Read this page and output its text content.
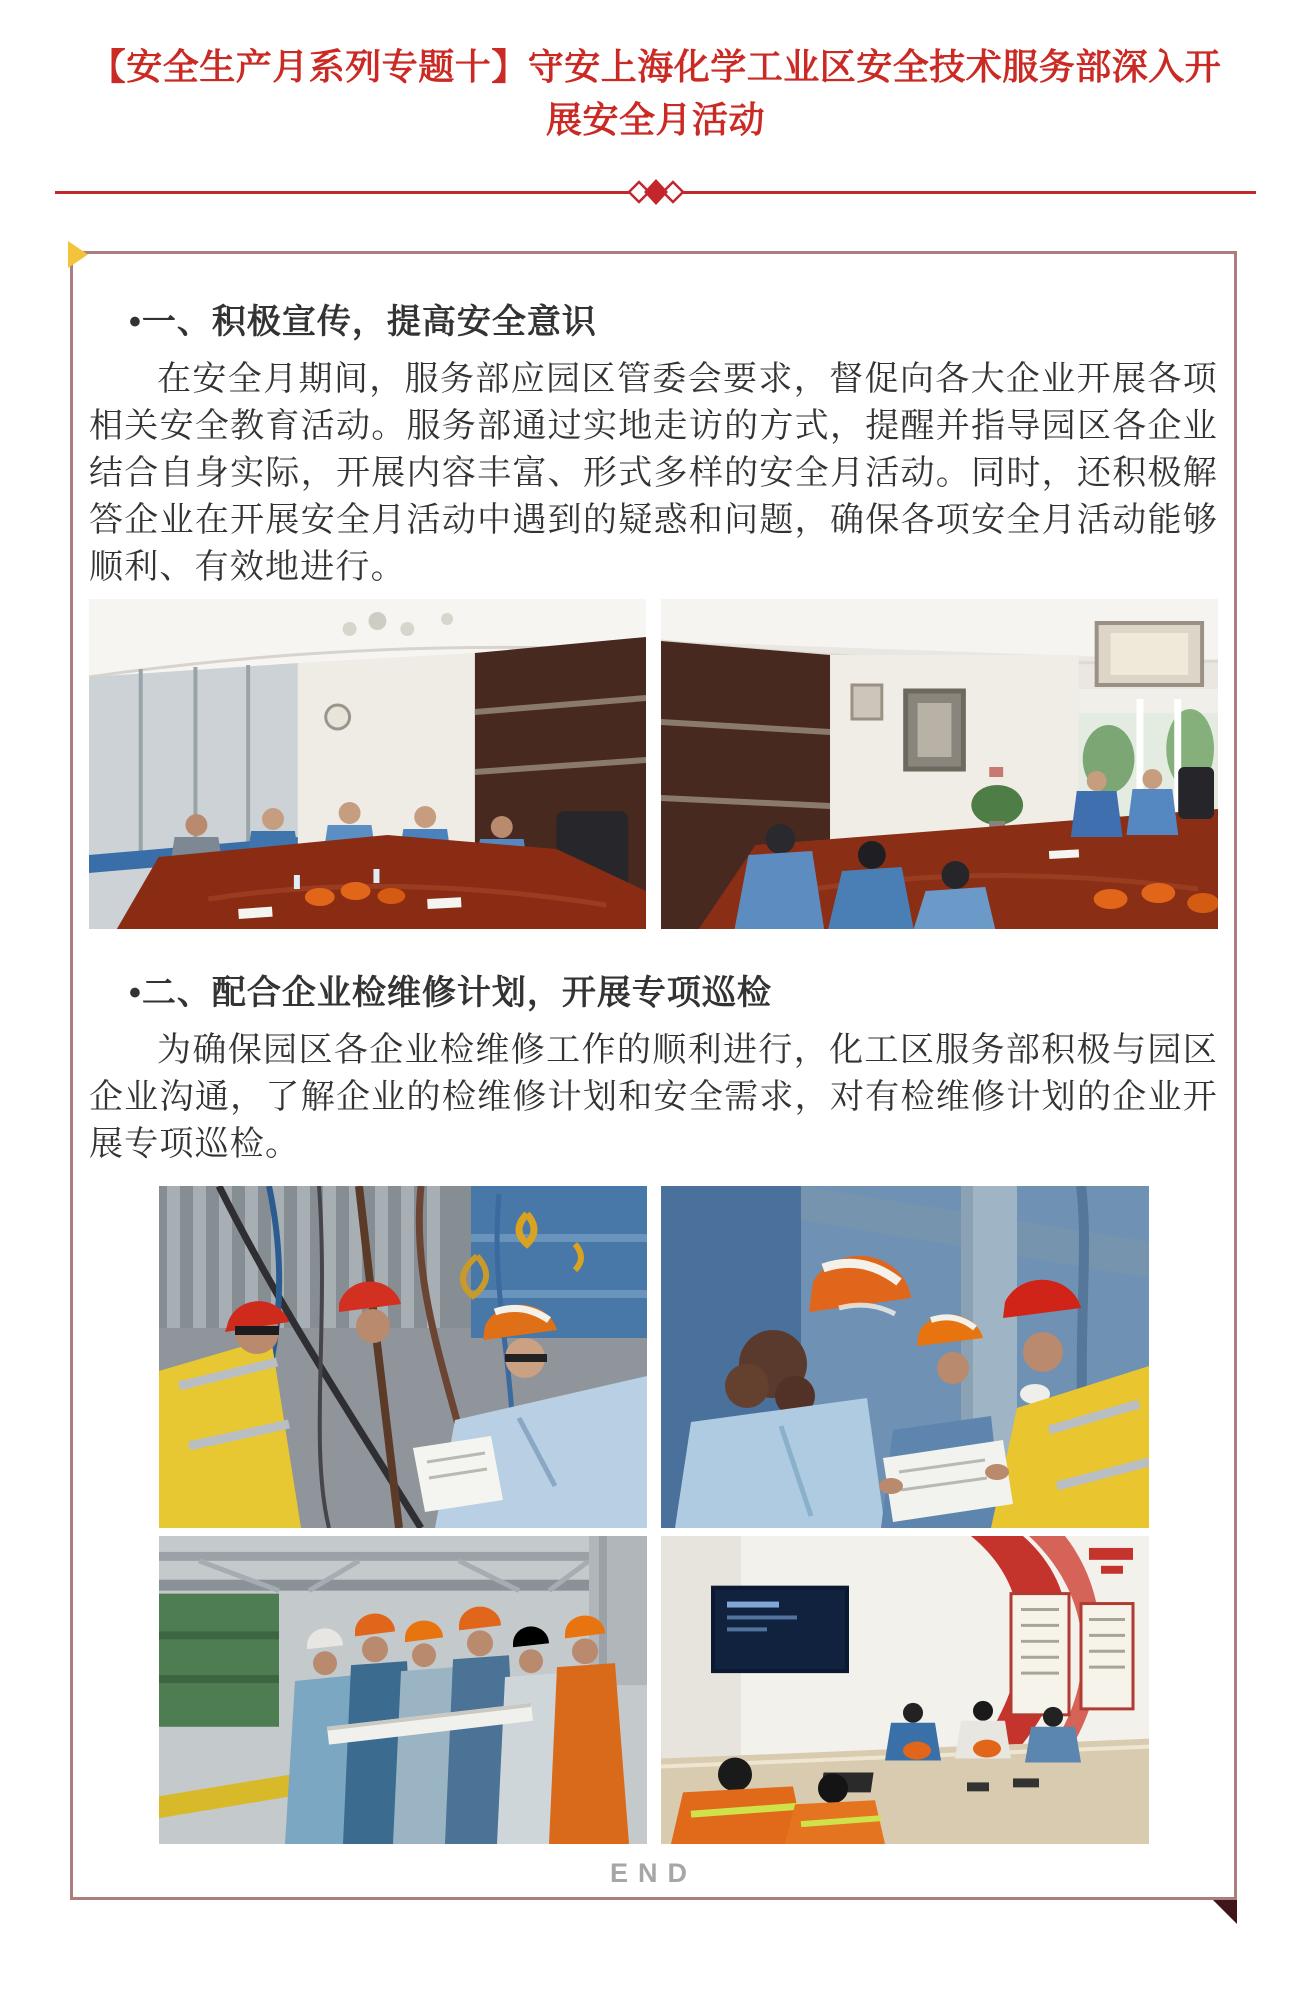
【安全生产月系列专题十】守安上海化学工业区安全技术服务部深入开展安全月活动
•一、积极宣传，提高安全意识

在安全月期间，服务部应园区管委会要求，督促向各大企业开展各项相关安全教育活动。服务部通过实地走访的方式，提醒并指导园区各企业结合自身实际，开展内容丰富、形式多样的安全月活动。同时，还积极解答企业在开展安全月活动中遇到的疑惑和问题，确保各项安全月活动能够顺利、有效地进行。

•二、配合企业检维修计划，开展专项巡检

为确保园区各企业检维修工作的顺利进行，化工区服务部积极与园区企业沟通，了解企业的检维修计划和安全需求，对有检维修计划的企业开展专项巡检。

END
